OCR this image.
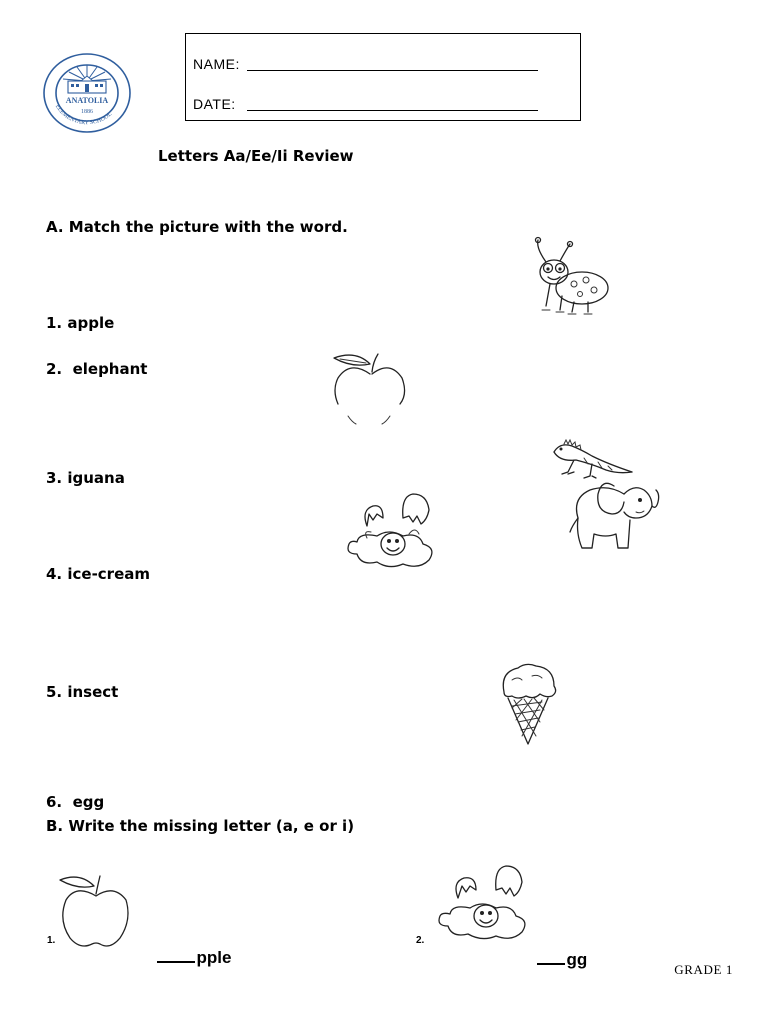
ANATOLIA
1886
ELEMENTARY SCHOOL
NAME:
DATE:
Letters Aa/Ee/Ii Review
A. Match the picture with the word.
1. apple
2.  elephant
3. iguana
4. ice-cream
5. insect
6.  egg
B. Write the missing letter (a, e or i)
1.

pple

2.

gg

GRADE 1
